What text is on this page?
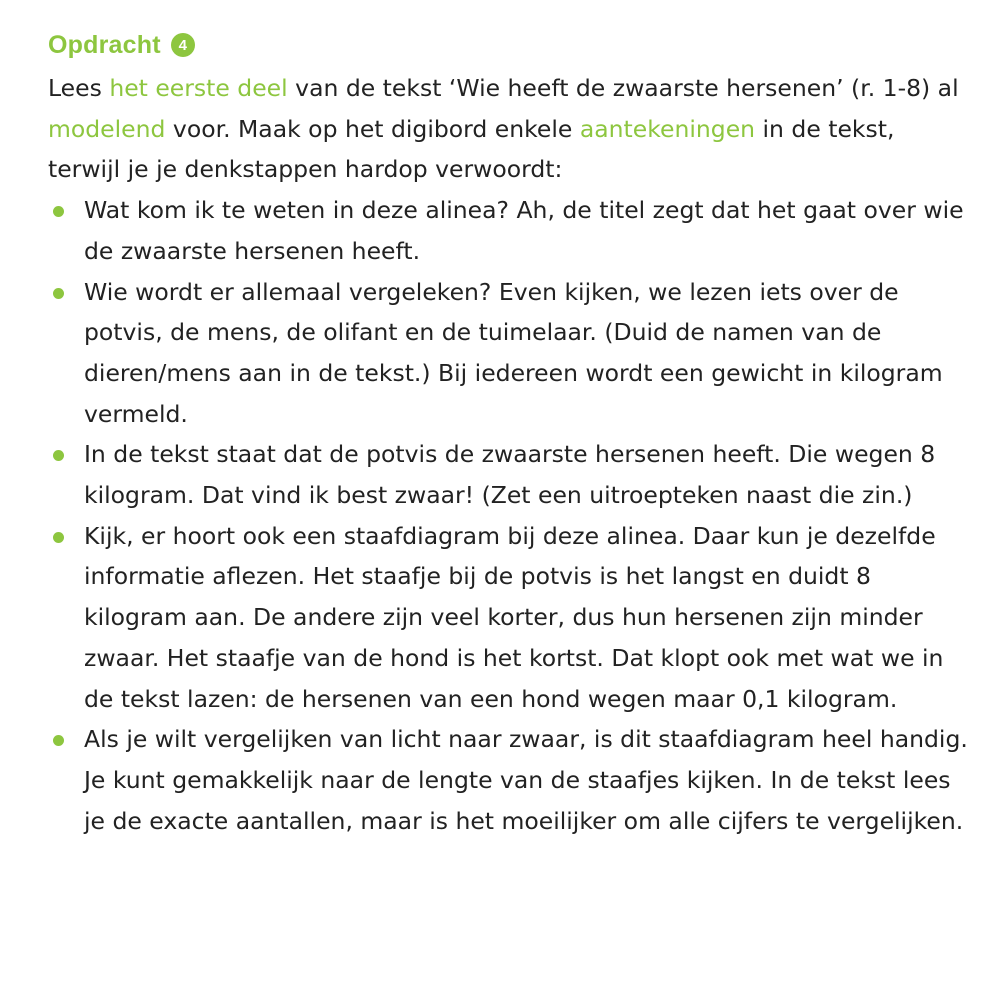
Opdracht	4

Lees het eerste deel van de tekst ‘Wie heeft de zwaarste hersenen’ (r. 1-8) al modelend voor. Maak op het digibord enkele aantekeningen in de tekst, terwijl je je denkstappen hardop verwoordt:

Wat kom ik te weten in deze alinea? Ah, de titel zegt dat het gaat over wie de zwaarste hersenen heeft.
Wie wordt er allemaal vergeleken? Even kijken, we lezen iets over de potvis, de mens, de olifant en de tuimelaar. (Duid de namen van de dieren/mens aan in de tekst.) Bij iedereen wordt een gewicht in kilogram vermeld.
In de tekst staat dat de potvis de zwaarste hersenen heeft. Die wegen 8 kilogram. Dat vind ik best zwaar! (Zet een uitroepteken naast die zin.)
Kijk, er hoort ook een staafdiagram bij deze alinea. Daar kun je dezelfde informatie aflezen. Het staafje bij de potvis is het langst en duidt 8 kilogram aan. De andere zijn veel korter, dus hun hersenen zijn minder zwaar. Het staafje van de hond is het kortst. Dat klopt ook met wat we in de tekst lazen: de hersenen van een hond wegen maar 0,1 kilogram.
Als je wilt vergelijken van licht naar zwaar, is dit staafdiagram heel handig. Je kunt gemakkelijk naar de lengte van de staafjes kijken. In de tekst lees je de exacte aantallen, maar is het moeilijker om alle cijfers te vergelijken.
